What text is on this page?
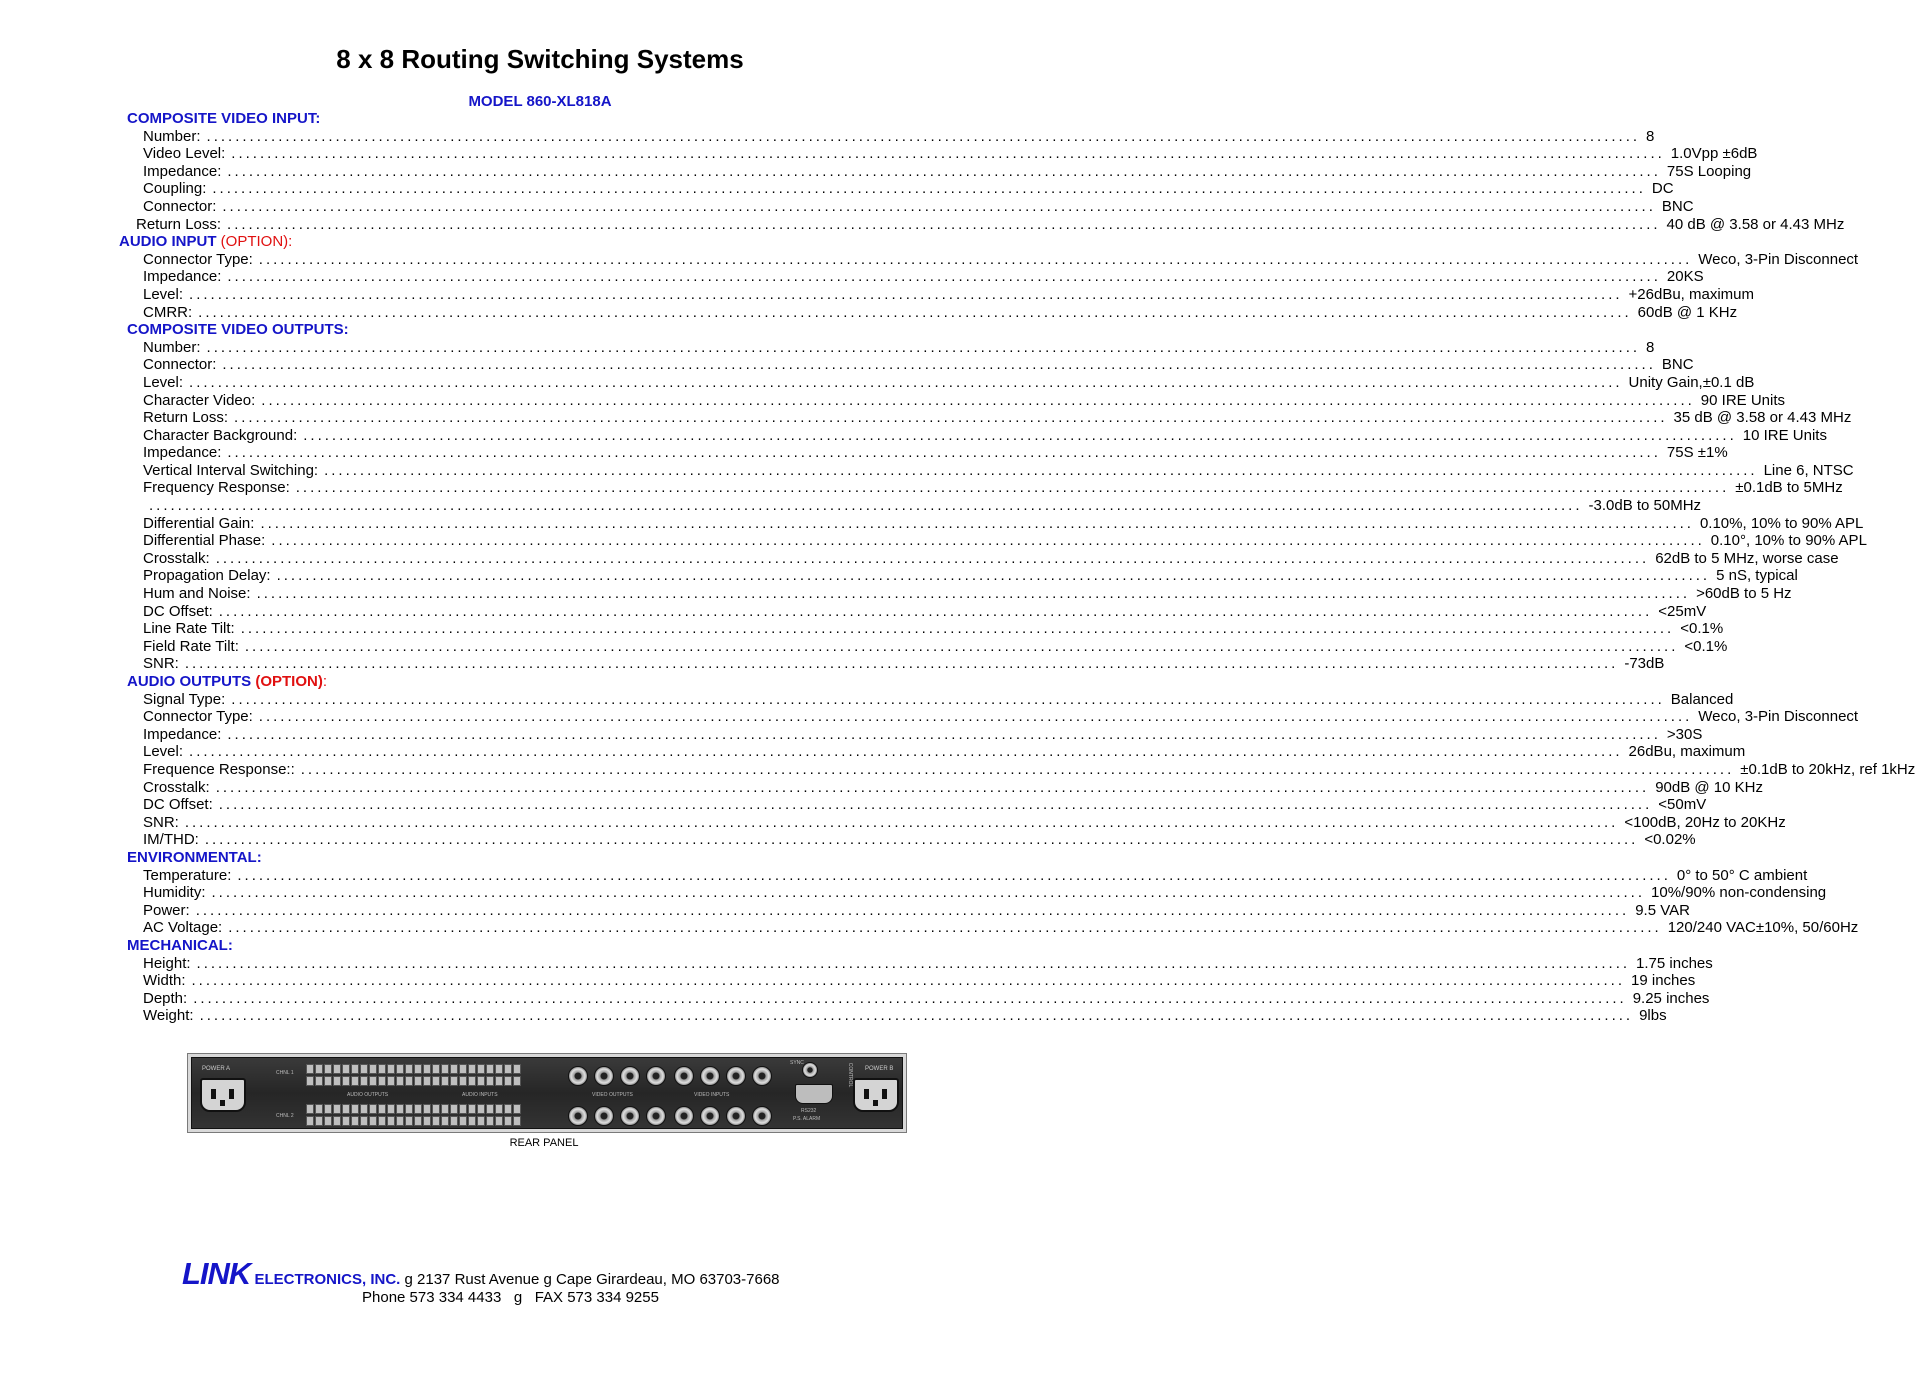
8 x 8 Routing Switching Systems
MODEL 860-XL818A
COMPOSITE VIDEO INPUT:
Number: ........................................................................................................................................................................................................ 8
Video Level: ........................................................................................................................................................................................................ 1.0Vpp ±6dB
Impedance: ........................................................................................................................................................................................................ 75S Looping
Coupling: ........................................................................................................................................................................................................ DC
Connector: ........................................................................................................................................................................................................ BNC
Return Loss: ........................................................................................................................................................................................................ 40 dB @ 3.58 or 4.43 MHz
AUDIO INPUT (OPTION):
Connector Type: ........................................................................................................................................................................................................ Weco, 3-Pin Disconnect
Impedance: ........................................................................................................................................................................................................ 20KS
Level: ........................................................................................................................................................................................................ +26dBu, maximum
CMRR: ........................................................................................................................................................................................................ 60dB @ 1 KHz
COMPOSITE VIDEO OUTPUTS:
Number: ........................................................................................................................................................................................................ 8
Connector: ........................................................................................................................................................................................................ BNC
Level: ........................................................................................................................................................................................................ Unity Gain,±0.1 dB
Character Video: ........................................................................................................................................................................................................ 90 IRE Units
Return Loss: ........................................................................................................................................................................................................ 35 dB @ 3.58 or 4.43 MHz
Character Background: ........................................................................................................................................................................................................ 10 IRE Units
Impedance: ........................................................................................................................................................................................................ 75S ±1%
Vertical Interval Switching: ........................................................................................................................................................................................................ Line 6, NTSC
Frequency Response: ........................................................................................................................................................................................................ ±0.1dB to 5MHz
........................................................................................................................................................................................................ -3.0dB to 50MHz
Differential Gain: ........................................................................................................................................................................................................ 0.10%, 10% to 90% APL
Differential Phase: ........................................................................................................................................................................................................ 0.10°, 10% to 90% APL
Crosstalk: ........................................................................................................................................................................................................ 62dB to 5 MHz, worse case
Propagation Delay: ........................................................................................................................................................................................................ 5 nS, typical
Hum and Noise: ........................................................................................................................................................................................................ >60dB to 5 Hz
DC Offset: ........................................................................................................................................................................................................ <25mV
Line Rate Tilt: ........................................................................................................................................................................................................ <0.1%
Field Rate Tilt: ........................................................................................................................................................................................................ <0.1%
SNR: ........................................................................................................................................................................................................ -73dB
AUDIO OUTPUTS (OPTION):
Signal Type: ........................................................................................................................................................................................................ Balanced
Connector Type: ........................................................................................................................................................................................................ Weco, 3-Pin Disconnect
Impedance: ........................................................................................................................................................................................................ >30S
Level: ........................................................................................................................................................................................................ 26dBu, maximum
Frequence Response:: ........................................................................................................................................................................................................ ±0.1dB to 20kHz, ref 1kHz
Crosstalk: ........................................................................................................................................................................................................ 90dB @ 10 KHz
DC Offset: ........................................................................................................................................................................................................ <50mV
SNR: ........................................................................................................................................................................................................ <100dB, 20Hz to 20KHz
IM/THD: ........................................................................................................................................................................................................ <0.02%
ENVIRONMENTAL:
Temperature: ........................................................................................................................................................................................................ 0° to 50° C ambient
Humidity: ........................................................................................................................................................................................................ 10%/90% non-condensing
Power: ........................................................................................................................................................................................................ 9.5 VAR
AC Voltage: ........................................................................................................................................................................................................ 120/240 VAC±10%, 50/60Hz
MECHANICAL:
Height: ........................................................................................................................................................................................................ 1.75 inches
Width: ........................................................................................................................................................................................................ 19 inches
Depth: ........................................................................................................................................................................................................ 9.25 inches
Weight: ........................................................................................................................................................................................................ 9lbs
POWER A
CHNL 1
CHNL 2
AUDIO OUTPUTS	AUDIO INPUTS	VIDEO OUTPUTS	VIDEO INPUTS
SYNC	CONTROL
RS232
P.S. ALARM
POWER B
REAR PANEL
LINK ELECTRONICS, INC. g 2137 Rust Avenue g Cape Girardeau, MO 63703-7668
Phone 573 334 4433 g FAX 573 334 9255
